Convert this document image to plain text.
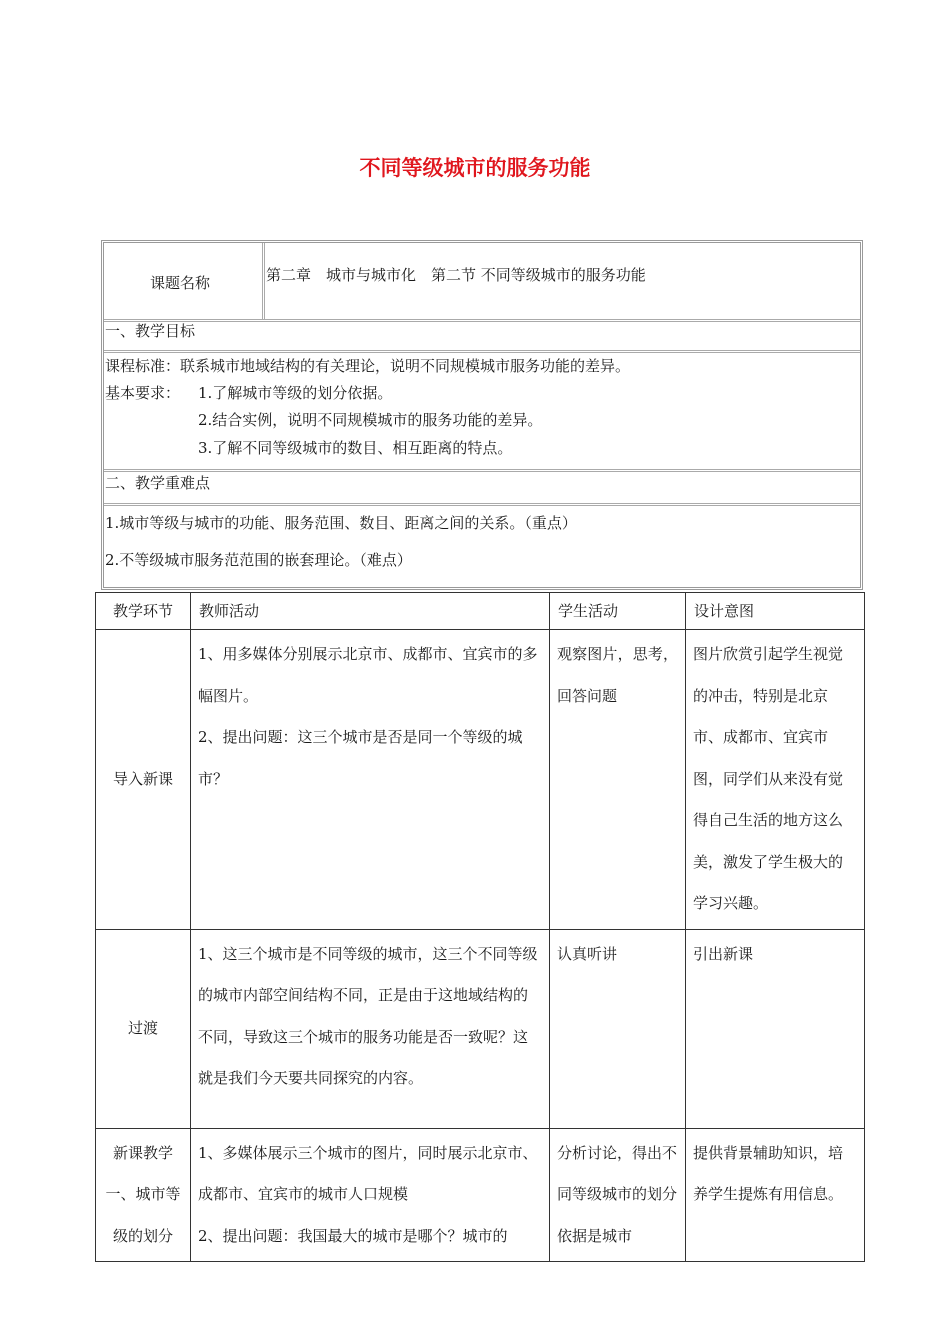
不同等级城市的服务功能
课题名称	第二章　城市与城市化　第二节 不同等级城市的服务功能
一、教学目标
课程标准：联系城市地域结构的有关理论，说明不同规模城市服务功能的差异。
基本要求： 1.了解城市等级的划分依据。
2.结合实例，说明不同规模城市的服务功能的差异。
3.了解不同等级城市的数目、相互距离的特点。
二、教学重难点
1.城市等级与城市的功能、服务范围、数目、距离之间的关系。（重点）
2.不等级城市服务范范围的嵌套理论。（难点）
教学环节	教师活动	学生活动	设计意图
导入新课	1、用多媒体分别展示北京市、成都市、宜宾市的多幅图片。
2、提出问题：这三个城市是否是同一个等级的城市？	观察图片，思考，回答问题	图片欣赏引起学生视觉的冲击，特别是北京市、成都市、宜宾市图，同学们从来没有觉得自己生活的地方这么美，激发了学生极大的学习兴趣。
过渡	1、这三个城市是不同等级的城市，这三个不同等级的城市内部空间结构不同，正是由于这地域结构的不同，导致这三个城市的服务功能是否一致呢？这就是我们今天要共同探究的内容。	认真听讲	引出新课
新课教学一、城市等级的划分	1、多媒体展示三个城市的图片，同时展示北京市、成都市、宜宾市的城市人口规模
2、提出问题：我国最大的城市是哪个？城市的	分析讨论，得出不同等级城市的划分依据是城市	提供背景辅助知识，培养学生提炼有用信息。
